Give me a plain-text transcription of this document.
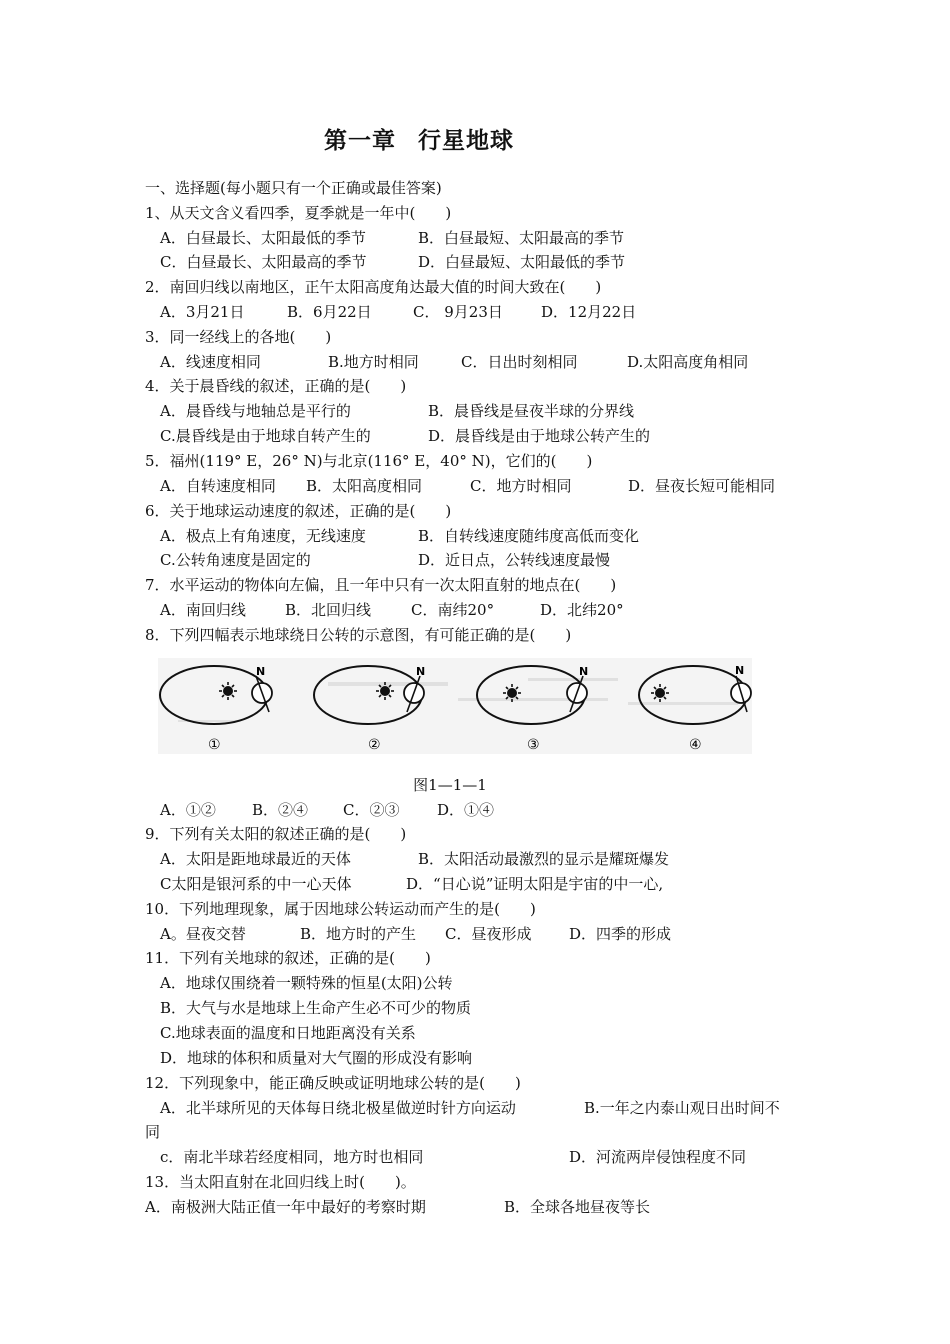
第一章 行星地球
一、选择题(每小题只有一个正确或最佳答案)
1、从天文含义看四季，夏季就是一年中(　　)
A．白昼最长、太阳最低的季节	B．白昼最短、太阳最高的季节
C．白昼最长、太阳最高的季节	D．白昼最短、太阳最低的季节
2．南回归线以南地区，正午太阳高度角达最大值的时间大致在(　　)
A．3月21日	B．6月22日	C． 9月23日	D．12月22日
3．同一经线上的各地(　　)
A．线速度相同	B.地方时相同	C．日出时刻相同	D.太阳高度角相同
4．关于晨昏线的叙述，正确的是(　　)
A．晨昏线与地轴总是平行的	B．晨昏线是昼夜半球的分界线
C.晨昏线是由于地球自转产生的	D．晨昏线是由于地球公转产生的
5．福州(119° E，26° N)与北京(116° E，40° N)，它们的(　　)
A．自转速度相同 B．太阳高度相同	C．地方时相同	D．昼夜长短可能相同
6．关于地球运动速度的叙述，正确的是(　　)
A．极点上有角速度，无线速度	B．自转线速度随纬度高低而变化
C.公转角速度是固定的	D．近日点，公转线速度最慢
7．水平运动的物体向左偏，且一年中只有一次太阳直射的地点在(　　)
A．南回归线	B．北回归线	C．南纬20°	D．北纬20°
8．下列四幅表示地球绕日公转的示意图，有可能正确的是(　　)
N
①
N
②
N
③
N
④
图1—1—1
A．①② B．②④ C．②③	D．①④
9．下列有关太阳的叙述正确的是(　　)
A．太阳是距地球最近的天体	B．太阳活动最激烈的显示是耀斑爆发
C太阳是银河系的中一心天体	D．“日心说”证明太阳是宇宙的中一心,
10．下列地理现象，属于因地球公转运动而产生的是(　　)
A。昼夜交替	B．地方时的产生 C．昼夜形成	D．四季的形成
11．下列有关地球的叙述，正确的是(　　)
A．地球仅围绕着一颗特殊的恒星(太阳)公转
B．大气与水是地球上生命产生必不可少的物质
C.地球表面的温度和日地距离没有关系
D．地球的体积和质量对大气圈的形成没有影响
12．下列现象中，能正确反映或证明地球公转的是(　　)
A．北半球所见的天体每日绕北极星做逆时针方向运动	B.一年之内泰山观日出时间不
同
c．南北半球若经度相同，地方时也相同	D．河流两岸侵蚀程度不同
13．当太阳直射在北回归线上时(　　)。
A．南极洲大陆正值一年中最好的考察时期	B．全球各地昼夜等长
